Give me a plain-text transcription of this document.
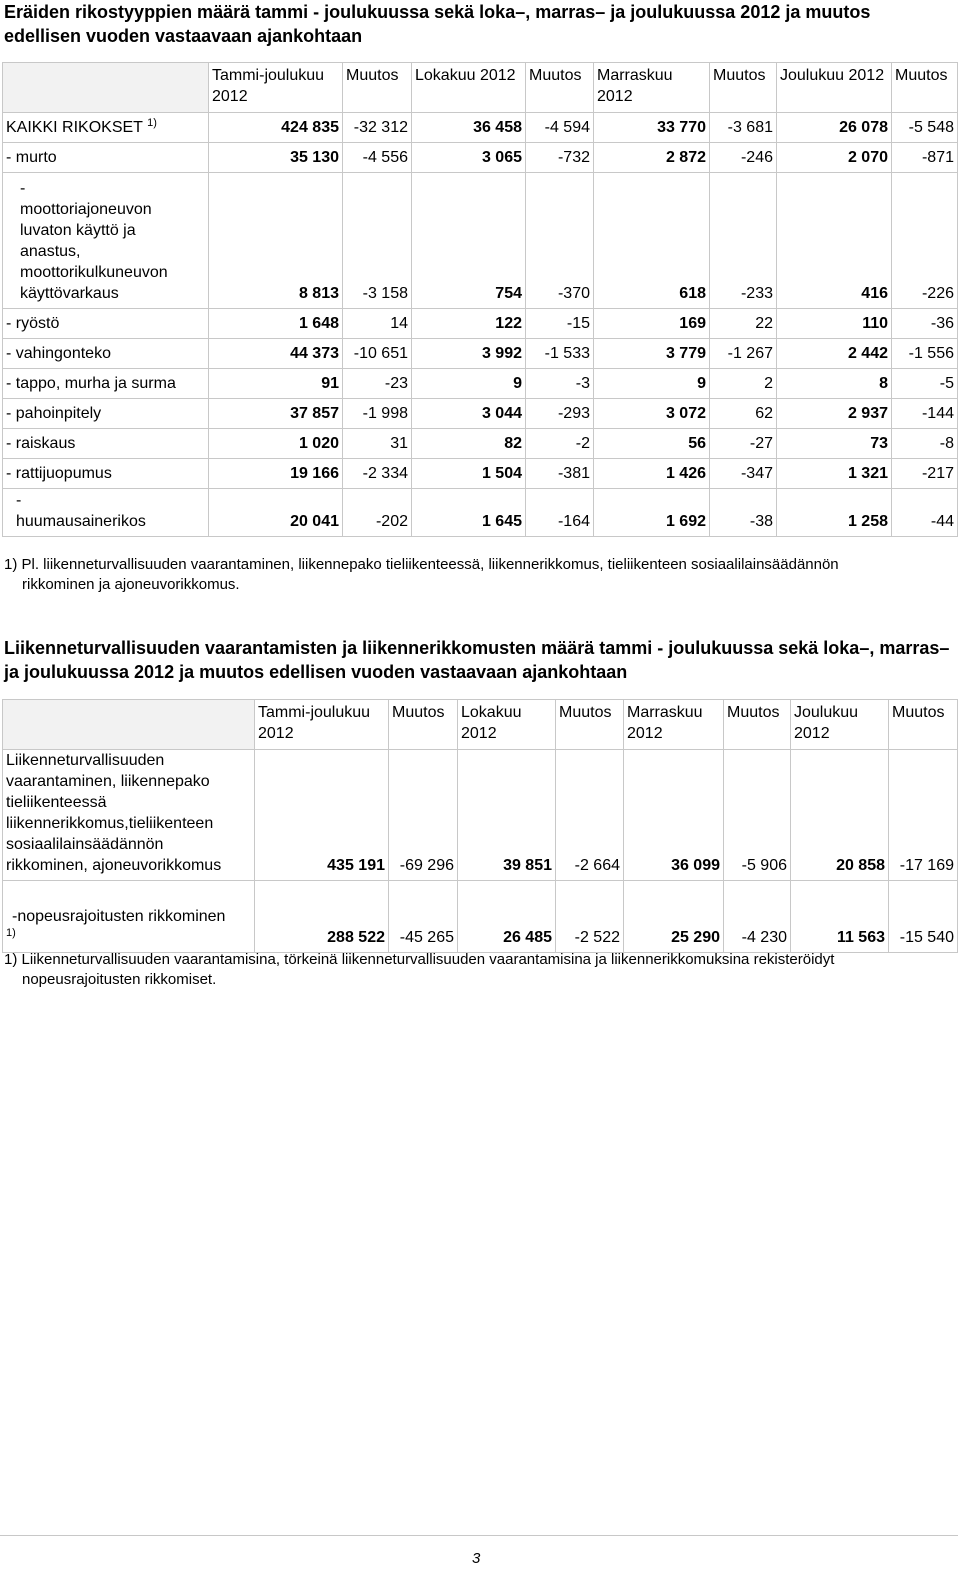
Eräiden rikostyyppien määrä tammi - joulukuussa sekä loka–, marras– ja joulukuussa 2012 ja muutos edellisen vuoden vastaavaan ajankohtaan
	Tammi-joulukuu 2012	Muutos	Lokakuu 2012	Muutos	Marraskuu 2012	Muutos	Joulukuu 2012	Muutos
KAIKKI RIKOKSET $^{1)}$	424 835	-32 312	36 458	-4 594	33 770	-3 681	26 078	-5 548
- murto	35 130	-4 556	3 065	-732	2 872	-246	2 070	-871
- moottoriajoneuvon luvaton käyttö ja anastus, moottorikulkuneuvon käyttövarkaus	8 813	-3 158	754	-370	618	-233	416	-226
- ryöstö	1 648	14	122	-15	169	22	110	-36
- vahingonteko	44 373	-10 651	3 992	-1 533	3 779	-1 267	2 442	-1 556
- tappo, murha ja surma	91	-23	9	-3	9	2	8	-5
- pahoinpitely	37 857	-1 998	3 044	-293	3 072	62	2 937	-144
- raiskaus	1 020	31	82	-2	56	-27	73	-8
- rattijuopumus	19 166	-2 334	1 504	-381	1 426	-347	1 321	-217
- huumausainerikos	20 041	-202	1 645	-164	1 692	-38	1 258	-44
1) Pl. liikenneturvallisuuden vaarantaminen, liikennepako tieliikenteessä, liikennerikkomus, tieliikenteen sosiaalilainsäädännön
rikkominen ja ajoneuvorikkomus.
Liikenneturvallisuuden vaarantamisten ja liikennerikkomusten määrä tammi - joulukuussa sekä loka–, marras– ja joulukuussa 2012 ja muutos edellisen vuoden vastaavaan ajankohtaan
	Tammi-joulukuu 2012	Muutos	Lokakuu 2012	Muutos	Marraskuu 2012	Muutos	Joulukuu 2012	Muutos
Liikenneturvallisuuden vaarantaminen, liikennepako tieliikenteessä liikennerikkomus,tieliikenteen sosiaalilainsäädännön rikkominen, ajoneuvorikkomus	435 191	-69 296	39 851	-2 664	36 099	-5 906	20 858	-17 169
-nopeusrajoitusten rikkominen $^{1)}$	288 522	-45 265	26 485	-2 522	25 290	-4 230	11 563	-15 540
1) Liikenneturvallisuuden vaarantamisina, törkeinä liikenneturvallisuuden vaarantamisina ja liikennerikkomuksina rekisteröidyt
nopeusrajoitusten rikkomiset.
3
